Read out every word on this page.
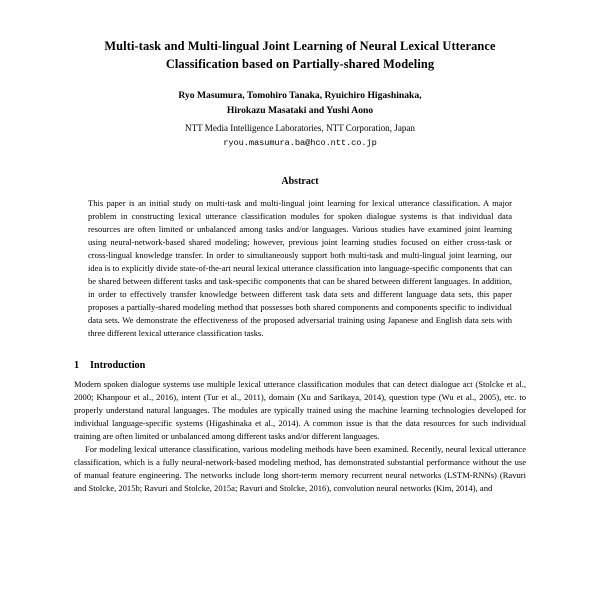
Multi-task and Multi-lingual Joint Learning of Neural Lexical Utterance Classification based on Partially-shared Modeling
Ryo Masumura, Tomohiro Tanaka, Ryuichiro Higashinaka,
Hirokazu Masataki and Yushi Aono
NTT Media Intelligence Laboratories, NTT Corporation, Japan
ryou.masumura.ba@hco.ntt.co.jp
Abstract

This paper is an initial study on multi-task and multi-lingual joint learning for lexical utterance classification. A major problem in constructing lexical utterance classification modules for spoken dialogue systems is that individual data resources are often limited or unbalanced among tasks and/or languages. Various studies have examined joint learning using neural-network-based shared modeling; however, previous joint learning studies focused on either cross-task or cross-lingual knowledge transfer. In order to simultaneously support both multi-task and multi-lingual joint learning, our idea is to explicitly divide state-of-the-art neural lexical utterance classification into language-specific components that can be shared between different tasks and task-specific components that can be shared between different languages. In addition, in order to effectively transfer knowledge between different task data sets and different language data sets, this paper proposes a partially-shared modeling method that possesses both shared components and components specific to individual data sets. We demonstrate the effectiveness of the proposed adversarial training using Japanese and English data sets with three different lexical utterance classification tasks.

1 Introduction

Modern spoken dialogue systems use multiple lexical utterance classification modules that can detect dialogue act (Stolcke et al., 2000; Khanpour et al., 2016), intent (Tur et al., 2011), domain (Xu and Sarikaya, 2014), question type (Wu et al., 2005), etc. to properly understand natural languages. The modules are typically trained using the machine learning technologies developed for individual language-specific systems (Higashinaka et al., 2014). A common issue is that the data resources for such individual training are often limited or unbalanced among different tasks and/or different languages.

For modeling lexical utterance classification, various modeling methods have been examined. Recently, neural lexical utterance classification, which is a fully neural-network-based modeling method, has demonstrated substantial performance without the use of manual feature engineering. The networks include long short-term memory recurrent neural networks (LSTM-RNNs) (Ravuri and Stolcke, 2015b; Ravuri and Stolcke, 2015a; Ravuri and Stolcke, 2016), convolution neural networks (Kim, 2014), and
